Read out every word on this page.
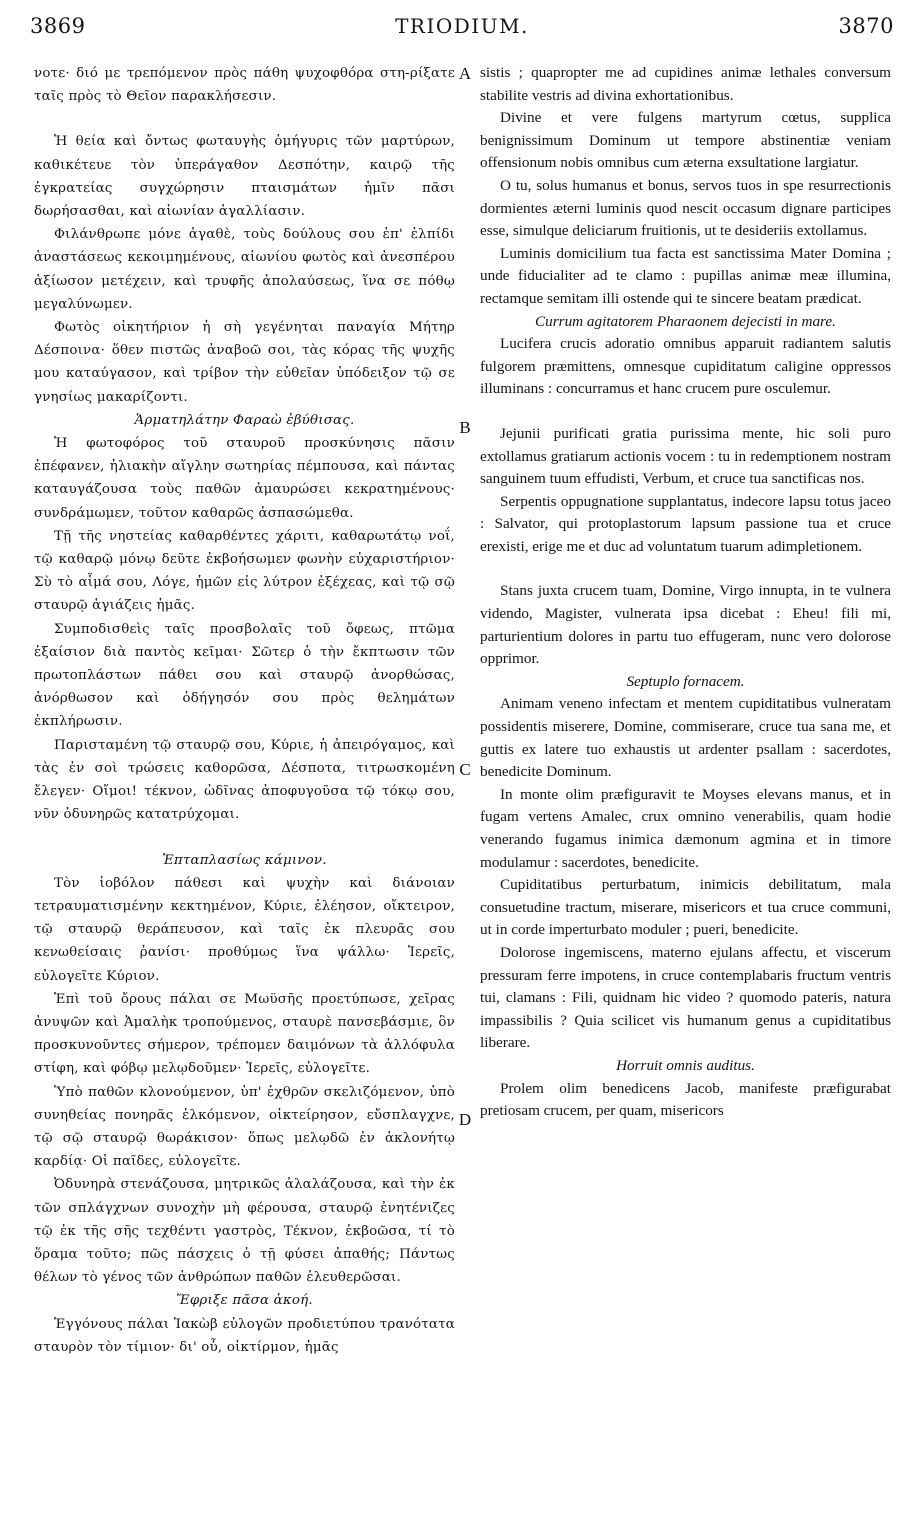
3869	TRIODIUM.	3870
A
B
C
D

νοτε· διό με τρεπόμενον πρὸς πάθη ψυχοφθόρα στη-ρίξατε ταῖς πρὸς τὸ Θεῖον παρακλήσεσιν.

Ἡ θεία καὶ ὄντως φωταυγὴς ὁμήγυρις τῶν μαρτύρων, καθικέτευε τὸν ὑπεράγαθον Δεσπότην, καιρῷ τῆς ἐγκρατείας συγχώρησιν πταισμάτων ἡμῖν πᾶσι δωρήσασθαι, καὶ αἰωνίαν ἀγαλλίασιν.

Φιλάνθρωπε μόνε ἀγαθὲ, τοὺς δούλους σου ἐπ' ἐλπίδι ἀναστάσεως κεκοιμημένους, αἰωνίου φωτὸς καὶ ἀνεσπέρου ἀξίωσον μετέχειν, καὶ τρυφῆς ἀπολαύσεως, ἵνα σε πόθῳ μεγαλύνωμεν.

Φωτὸς οἰκητήριον ἡ σὴ γεγένηται παναγία Μήτηρ Δέσποινα· ὅθεν πιστῶς ἀναβοῶ σοι, τὰς κόρας τῆς ψυχῆς μου καταύγασον, καὶ τρίβον τὴν εὐθεῖαν ὑπόδειξον τῷ σε γνησίως μακαρίζοντι.

Ἁρματηλάτην Φαραὼ ἐβύθισας.

Ἡ φωτοφόρος τοῦ σταυροῦ προσκύνησις πᾶσιν ἐπέφανεν, ἡλιακὴν αἴγλην σωτηρίας πέμπουσα, καὶ πάντας καταυγάζουσα τοὺς παθῶν ἀμαυρώσει κεκρατημένους· συνδράμωμεν, τοῦτον καθαρῶς ἀσπασώμεθα.

Τῇ τῆς νηστείας καθαρθέντες χάριτι, καθαρωτάτῳ νοΐ, τῷ καθαρῷ μόνῳ δεῦτε ἐκβοήσωμεν φωνὴν εὐχαριστήριον· Σὺ τὸ αἷμά σου, Λόγε, ἡμῶν εἰς λύτρον ἐξέχεας, καὶ τῷ σῷ σταυρῷ ἁγιάζεις ἡμᾶς.

Συμποδισθεὶς ταῖς προσβολαῖς τοῦ ὄφεως, πτῶμα ἐξαίσιον διὰ παντὸς κεῖμαι· Σῶτερ ὁ τὴν ἔκπτωσιν τῶν πρωτοπλάστων πάθει σου καὶ σταυρῷ ἀνορθώσας, ἀνόρθωσον καὶ ὁδήγησόν σου πρὸς θελημάτων ἐκπλήρωσιν.

Παρισταμένη τῷ σταυρῷ σου, Κύριε, ἡ ἀπειρόγαμος, καὶ τὰς ἐν σοὶ τρώσεις καθορῶσα, Δέσποτα, τιτρωσκομένη ἔλεγεν· Οἴμοι! τέκνον, ὠδῖνας ἀποφυγοῦσα τῷ τόκῳ σου, νῦν ὀδυνηρῶς κατατρύχομαι.

Ἐπταπλασίως κάμινον.

Τὸν ἰοβόλον πάθεσι καὶ ψυχὴν καὶ διάνοιαν τετραυματισμένην κεκτημένον, Κύριε, ἐλέησον, οἴκτειρον, τῷ σταυρῷ θεράπευσον, καὶ ταῖς ἐκ πλευρᾶς σου κενωθείσαις ῥανίσι· προθύμως ἵνα ψάλλω· Ἱερεῖς, εὐλογεῖτε Κύριον.

Ἐπὶ τοῦ ὄρους πάλαι σε Μωϋσῆς προετύπωσε, χεῖρας ἀνυψῶν καὶ Ἀμαλὴκ τροπούμενος, σταυρὲ πανσεβάσμιε, ὃν προσκυνοῦντες σήμερον, τρέπομεν δαιμόνων τὰ ἀλλόφυλα στίφη, καὶ φόβῳ μελῳδοῦμεν· Ἱερεῖς, εὐλογεῖτε.

Ὑπὸ παθῶν κλονούμενον, ὑπ' ἐχθρῶν σκελιζόμενον, ὑπὸ συνηθείας πονηρᾶς ἑλκόμενον, οἰκτείρησον, εὔσπλαγχνε, τῷ σῷ σταυρῷ θωράκισον· ὅπως μελῳδῶ ἐν ἀκλονήτῳ καρδίᾳ· Οἱ παῖδες, εὐλογεῖτε.

Ὀδυνηρὰ στενάζουσα, μητρικῶς ἀλαλάζουσα, καὶ τὴν ἐκ τῶν σπλάγχνων συνοχὴν μὴ φέρουσα, σταυρῷ ἐνητένιζες τῷ ἐκ τῆς σῆς τεχθέντι γαστρὸς, Τέκνον, ἐκβοῶσα, τί τὸ ὅραμα τοῦτο; πῶς πάσχεις ὁ τῇ φύσει ἀπαθής; Πάντως θέλων τὸ γένος τῶν ἀνθρώπων παθῶν ἐλευθερῶσαι.

Ἔφριξε πᾶσα ἀκοή.

Ἐγγόνους πάλαι Ἰακὼβ εὐλογῶν προδιετύπου τρανότατα σταυρὸν τὸν τίμιον· δι' οὗ, οἰκτίρμον, ἡμᾶς

sistis ; quapropter me ad cupidines animæ lethales conversum stabilite vestris ad divina exhortationibus.

Divine et vere fulgens martyrum cœtus, supplica benignissimum Dominum ut tempore abstinentiæ veniam offensionum nobis omnibus cum æterna exsultatione largiatur.

O tu, solus humanus et bonus, servos tuos in spe resurrectionis dormientes æterni luminis quod nescit occasum dignare participes esse, simulque deliciarum fruitionis, ut te desideriis extollamus.

Luminis domicilium tua facta est sanctissima Mater Domina ; unde fiducialiter ad te clamo : pupillas animæ meæ illumina, rectamque semitam illi ostende qui te sincere beatam prædicat.

Currum agitatorem Pharaonem dejecisti in mare.

Lucifera crucis adoratio omnibus apparuit radiantem salutis fulgorem præmittens, omnesque cupiditatum caligine oppressos illuminans : concurramus et hanc crucem pure osculemur.

Jejunii purificati gratia purissima mente, hic soli puro extollamus gratiarum actionis vocem : tu in redemptionem nostram sanguinem tuum effudisti, Verbum, et cruce tua sanctificas nos.

Serpentis oppugnatione supplantatus, indecore lapsu totus jaceo : Salvator, qui protoplastorum lapsum passione tua et cruce erexisti, erige me et duc ad voluntatum tuarum adimpletionem.

Stans juxta crucem tuam, Domine, Virgo innupta, in te vulnera videndo, Magister, vulnerata ipsa dicebat : Eheu! fili mi, parturientium dolores in partu tuo effugeram, nunc vero dolorose opprimor.

Septuplo fornacem.

Animam veneno infectam et mentem cupiditatibus vulneratam possidentis miserere, Domine, commiserare, cruce tua sana me, et guttis ex latere tuo exhaustis ut ardenter psallam : sacerdotes, benedicite Dominum.

In monte olim præfiguravit te Moyses elevans manus, et in fugam vertens Amalec, crux omnino venerabilis, quam hodie venerando fugamus inimica dæmonum agmina et in timore modulamur : sacerdotes, benedicite.

Cupiditatibus perturbatum, inimicis debilitatum, mala consuetudine tractum, miserare, misericors et tua cruce communi, ut in corde imperturbato moduler ; pueri, benedicite.

Dolorose ingemiscens, materno ejulans affectu, et viscerum pressuram ferre impotens, in cruce contemplabaris fructum ventris tui, clamans : Fili, quidnam hic video ? quomodo pateris, natura impassibilis ? Quia scilicet vis humanum genus a cupiditatibus liberare.

Horruit omnis auditus.

Prolem olim benedicens Jacob, manifeste præfigurabat pretiosam crucem, per quam, misericors
